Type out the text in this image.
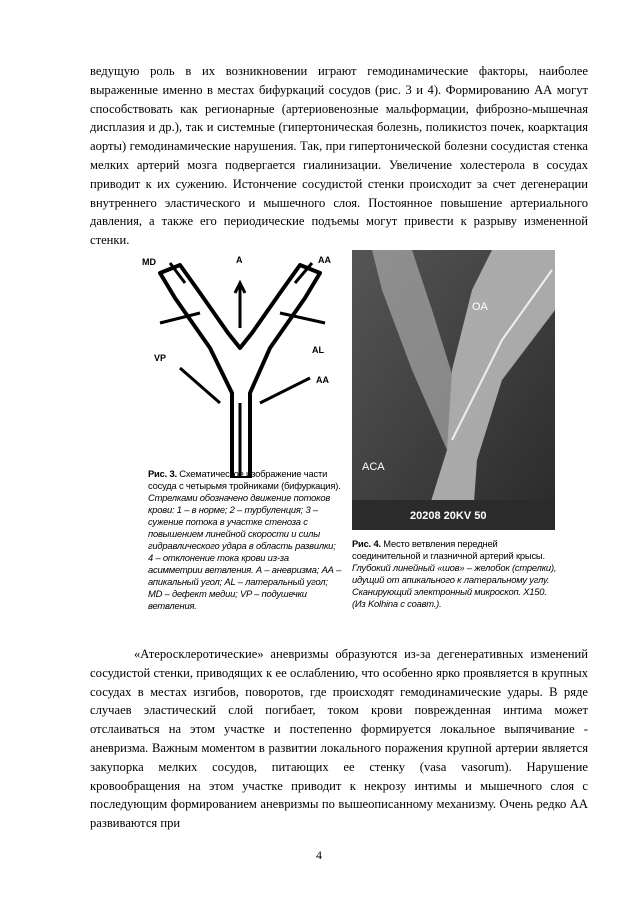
ведущую роль в их возникновении играют гемодинамические факторы, наиболее выраженные именно в местах бифуркаций сосудов (рис. 3 и 4). Формированию АА могут способствовать как регионарные (артериовенозные мальформации, фиброзно-мышечная дисплазия и др.), так и системные (гипертоническая болезнь, поликистоз почек, коарктация аорты) гемодинамические нарушения. Так, при гипертонической болезни сосудистая стенка мелких артерий мозга подвергается гиалинизации. Увеличение холестерола в сосудах приводит к их сужению. Истончение сосудистой стенки происходит за счет дегенерации внутреннего эластического и мышечного слоя. Постоянное повышение артериального давления, а также его периодические подъемы могут привести к разрыву измененной стенки.

MD	A	AA
VP
AL
AA
OA
ACA
20208 20KV 50

Рис. 3. Схематическое изображение части сосуда с четырьмя тройниками (бифуркация). Стрелками обозначено движение потоков крови: 1 – в норме; 2 – турбуленция; 3 – сужение потока в участке стеноза с повышением линейной скорости и силы гидравлического удара в область развилки; 4 – отклонение тока крови из-за асимметрии ветвления. А – аневризма; АА – апикальный угол; AL – латеральный угол; MD – дефект медии; VP – подушечки ветвления.

Рис. 4. Место ветвления передней соединительной и глазничной артерий крысы.
Глубокий линейный «шов» – желобок (стрелки), идущий от апикального к латеральному углу. Сканирующий электронный микроскоп. Х150. (Из Kolhina с соавт.).

«Атеросклеротические» аневризмы образуются из-за дегенеративных изменений сосудистой стенки, приводящих к ее ослаблению, что особенно ярко проявляется в крупных сосудах в местах изгибов, поворотов, где происходят гемодинамические удары. В ряде случаев эластический слой погибает, током крови поврежденная интима может отслаиваться на этом участке и постепенно формируется локальное выпячивание - аневризма. Важным моментом в развитии локального поражения крупной артерии является закупорка мелких сосудов, питающих ее стенку (vasa vasorum). Нарушение кровообращения на этом участке приводит к некрозу интимы и мышечного слоя с последующим формированием аневризмы по вышеописанному механизму. Очень редко АА развиваются при

4
